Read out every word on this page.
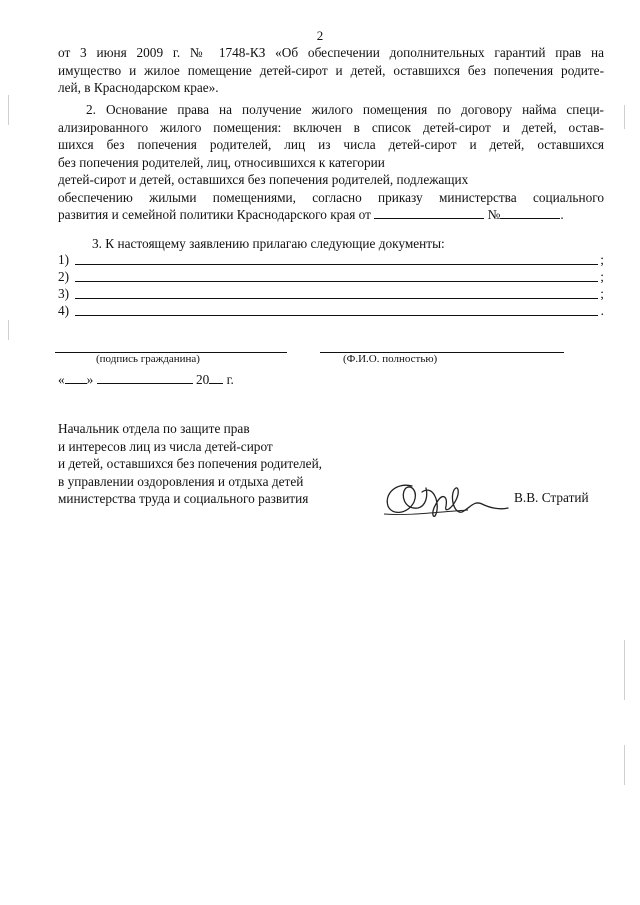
2
от 3 июня 2009 г. № 1748-КЗ «Об обеспечении дополнительных гарантий прав на
имущество и жилое помещение детей-сирот и детей, оставшихся без попечения родите-
лей, в Краснодарском крае».
2. Основание права на получение жилого помещения по договору найма специ-
ализированного жилого помещения: включен в список детей-сирот и детей, остав-
шихся без попечения родителей, лиц из числа детей-сирот и детей, оставшихся
без попечения родителей, лиц, относившихся к категории
детей-сирот и детей, оставшихся без попечения родителей, подлежащих
обеспечению жилыми помещениями, согласно приказу министерства социального
развития и семейной политики Краснодарского края от	№	.
3. К настоящему заявлению прилагаю следующие документы:
1)	;
2)	;
3)	;
4)	.
(подпись гражданина)	(Ф.И.О. полностью)
« »	20 г.
Начальник отдела по защите прав
и интересов лиц из числа детей-сирот
и детей, оставшихся без попечения родителей,
в управлении оздоровления и отдыха детей
министерства труда и социального развития	В.В. Стратий
